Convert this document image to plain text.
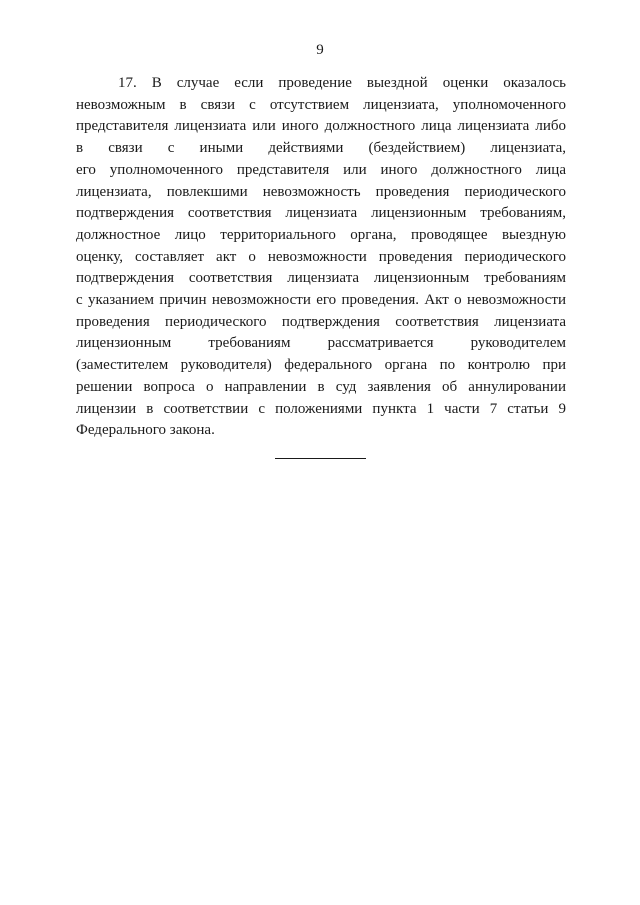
9
17. В случае если проведение выездной оценки оказалось
невозможным в связи с отсутствием лицензиата, уполномоченного
представителя лицензиата или иного должностного лица лицензиата либо
в связи с иными действиями (бездействием) лицензиата,
его уполномоченного представителя или иного должностного лица
лицензиата, повлекшими невозможность проведения периодического
подтверждения соответствия лицензиата лицензионным требованиям,
должностное лицо территориального органа, проводящее выездную
оценку, составляет акт о невозможности проведения периодического
подтверждения соответствия лицензиата лицензионным требованиям
с указанием причин невозможности его проведения. Акт о невозможности
проведения периодического подтверждения соответствия лицензиата
лицензионным требованиям рассматривается руководителем
(заместителем руководителя) федерального органа по контролю при
решении вопроса о направлении в суд заявления об аннулировании
лицензии в соответствии с положениями пункта 1 части 7 статьи 9
Федерального закона.
